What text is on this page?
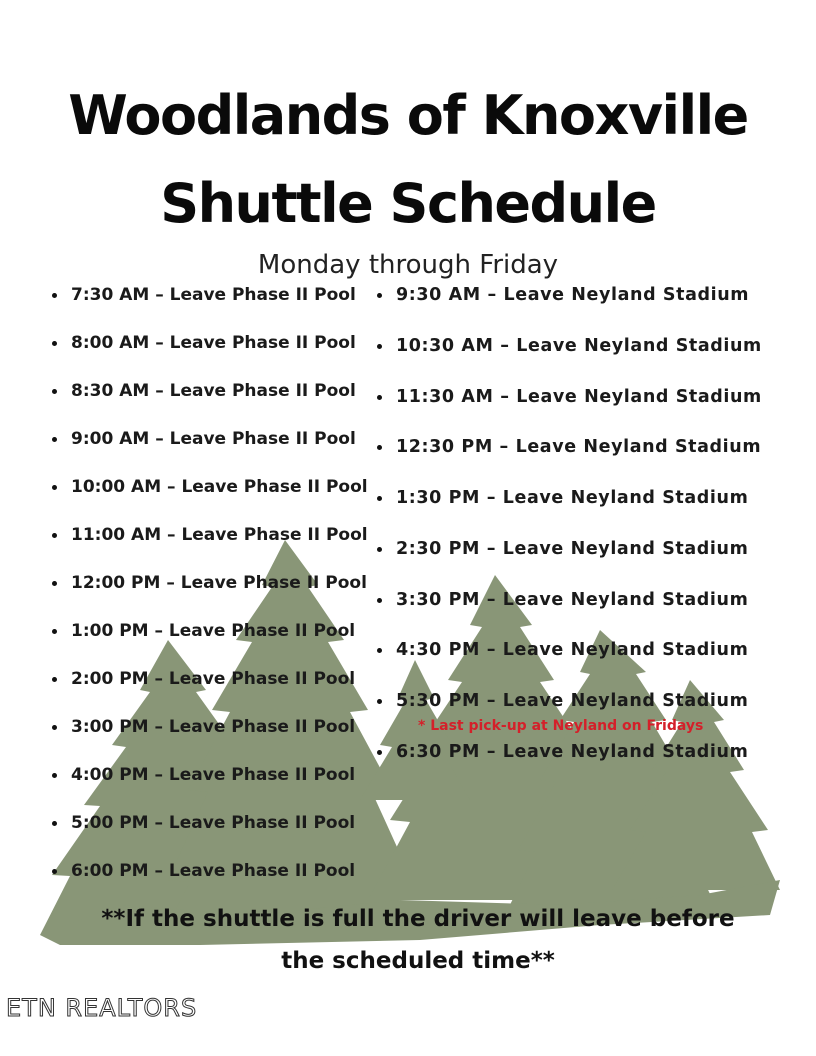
Woodlands of Knoxville
Shuttle Schedule
Monday through Friday
7:30 AM – Leave Phase II Pool
8:00 AM – Leave Phase II Pool
8:30 AM – Leave Phase II Pool
9:00 AM – Leave Phase II Pool
10:00 AM – Leave Phase II Pool
11:00 AM – Leave Phase II Pool
12:00 PM – Leave Phase II Pool
1:00 PM – Leave Phase II Pool
2:00 PM – Leave Phase II Pool
3:00 PM – Leave Phase II Pool
4:00 PM – Leave Phase II Pool
5:00 PM – Leave Phase II Pool
6:00 PM – Leave Phase II Pool
9:30 AM – Leave Neyland Stadium
10:30 AM – Leave Neyland Stadium
11:30 AM – Leave Neyland Stadium
12:30 PM – Leave Neyland Stadium
1:30 PM – Leave Neyland Stadium
2:30 PM – Leave Neyland Stadium
3:30 PM – Leave Neyland Stadium
4:30 PM – Leave Neyland Stadium
5:30 PM – Leave Neyland Stadium
6:30 PM – Leave Neyland Stadium
* Last pick-up at Neyland on Fridays
**If the shuttle is full the driver will leave before
the scheduled time**
ETN REALTORS
